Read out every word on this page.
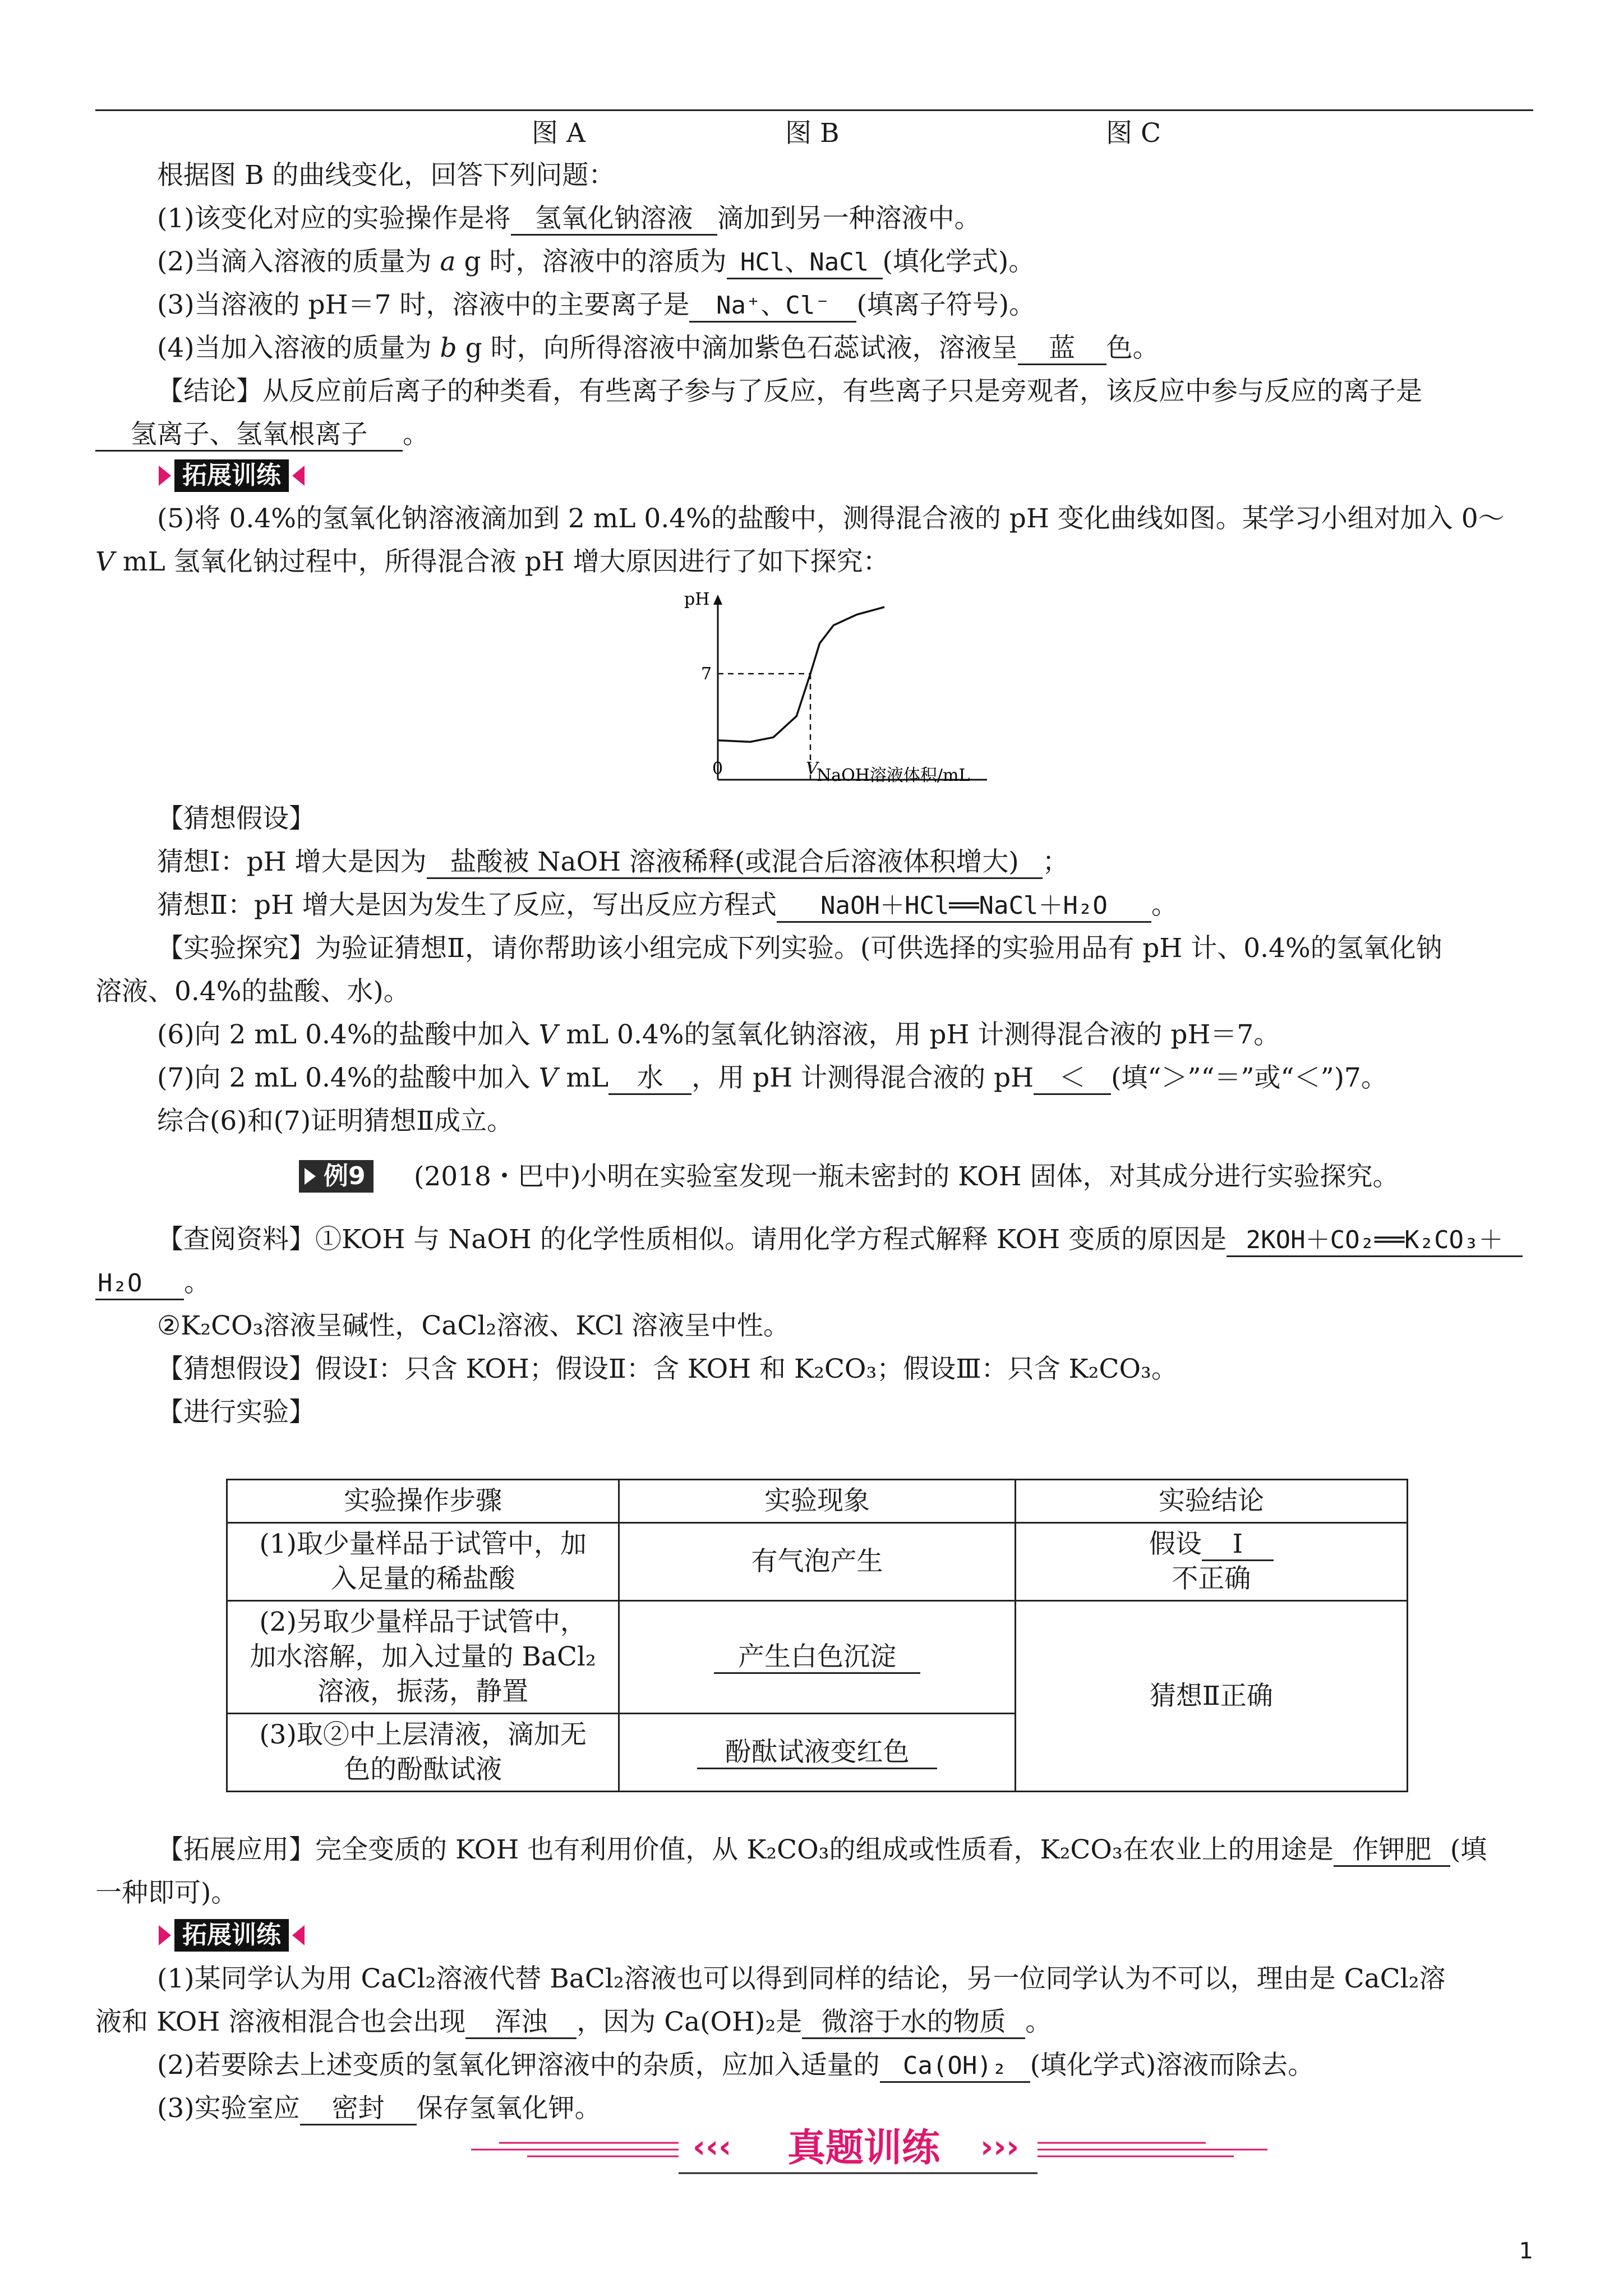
图 A	图 B	图 C
根据图 B 的曲线变化，回答下列问题：
(1)该变化对应的实验操作是将 氢氧化钠溶液 滴加到另一种溶液中。
(2)当滴入溶液的质量为 a g 时，溶液中的溶质为 HCl、NaCl (填化学式)。
(3)当溶液的 pH＝7 时，溶液中的主要离子是 Na⁺、Cl⁻ (填离子符号)。
(4)当加入溶液的质量为 b g 时，向所得溶液中滴加紫色石蕊试液，溶液呈 蓝 色。
【结论】从反应前后离子的种类看，有些离子参与了反应，有些离子只是旁观者，该反应中参与反应的离子是
氢离子、氢氧根离子 。
拓展训练
(5)将 0.4%的氢氧化钠溶液滴加到 2 mL 0.4%的盐酸中，测得混合液的 pH 变化曲线如图。某学习小组对加入 0～
V mL 氢氧化钠过程中，所得混合液 pH 增大原因进行了如下探究：
pH
NaOH溶液体积/mL
0
7
V
【猜想假设】
猜想Ⅰ：pH 增大是因为 盐酸被 NaOH 溶液稀释(或混合后溶液体积增大) ；
猜想Ⅱ：pH 增大是因为发生了反应，写出反应方程式 NaOH＋HCl══NaCl＋H₂O 。
【实验探究】为验证猜想Ⅱ，请你帮助该小组完成下列实验。(可供选择的实验用品有 pH 计、0.4%的氢氧化钠
溶液、0.4%的盐酸、水)。
(6)向 2 mL 0.4%的盐酸中加入 V mL 0.4%的氢氧化钠溶液，用 pH 计测得混合液的 pH＝7。
(7)向 2 mL 0.4%的盐酸中加入 V mL 水 ，用 pH 计测得混合液的 pH ＜ (填“＞”“＝”或“＜”)7。
综合(6)和(7)证明猜想Ⅱ成立。
例9 (2018・巴中)小明在实验室发现一瓶未密封的 KOH 固体，对其成分进行实验探究。
【查阅资料】①KOH 与 NaOH 的化学性质相似。请用化学方程式解释 KOH 变质的原因是 2KOH＋CO₂══K₂CO₃＋
H₂O 。
②K₂CO₃溶液呈碱性，CaCl₂溶液、KCl 溶液呈中性。
【猜想假设】假设Ⅰ：只含 KOH；假设Ⅱ：含 KOH 和 K₂CO₃；假设Ⅲ：只含 K₂CO₃。
【进行实验】
实验操作步骤	实验现象	实验结论
(1)取少量样品于试管中，加
入足量的稀盐酸	有气泡产生	假设 Ⅰ
不正确
(2)另取少量样品于试管中，
加水溶解，加入过量的 BaCl₂
溶液，振荡，静置	产生白色沉淀	猜想Ⅱ正确
(3)取②中上层清液，滴加无
色的酚酞试液	酚酞试液变红色	
【拓展应用】完全变质的 KOH 也有利用价值，从 K₂CO₃的组成或性质看，K₂CO₃在农业上的用途是 作钾肥 (填
一种即可)。
拓展训练
(1)某同学认为用 CaCl₂溶液代替 BaCl₂溶液也可以得到同样的结论，另一位同学认为不可以，理由是 CaCl₂溶
液和 KOH 溶液相混合也会出现 浑浊 ，因为 Ca(OH)₂是 微溶于水的物质 。
(2)若要除去上述变质的氢氧化钾溶液中的杂质，应加入适量的 Ca(OH)₂ (填化学式)溶液而除去。
(3)实验室应 密封 保存氢氧化钾。
‹‹‹	›››
真题训练
1
